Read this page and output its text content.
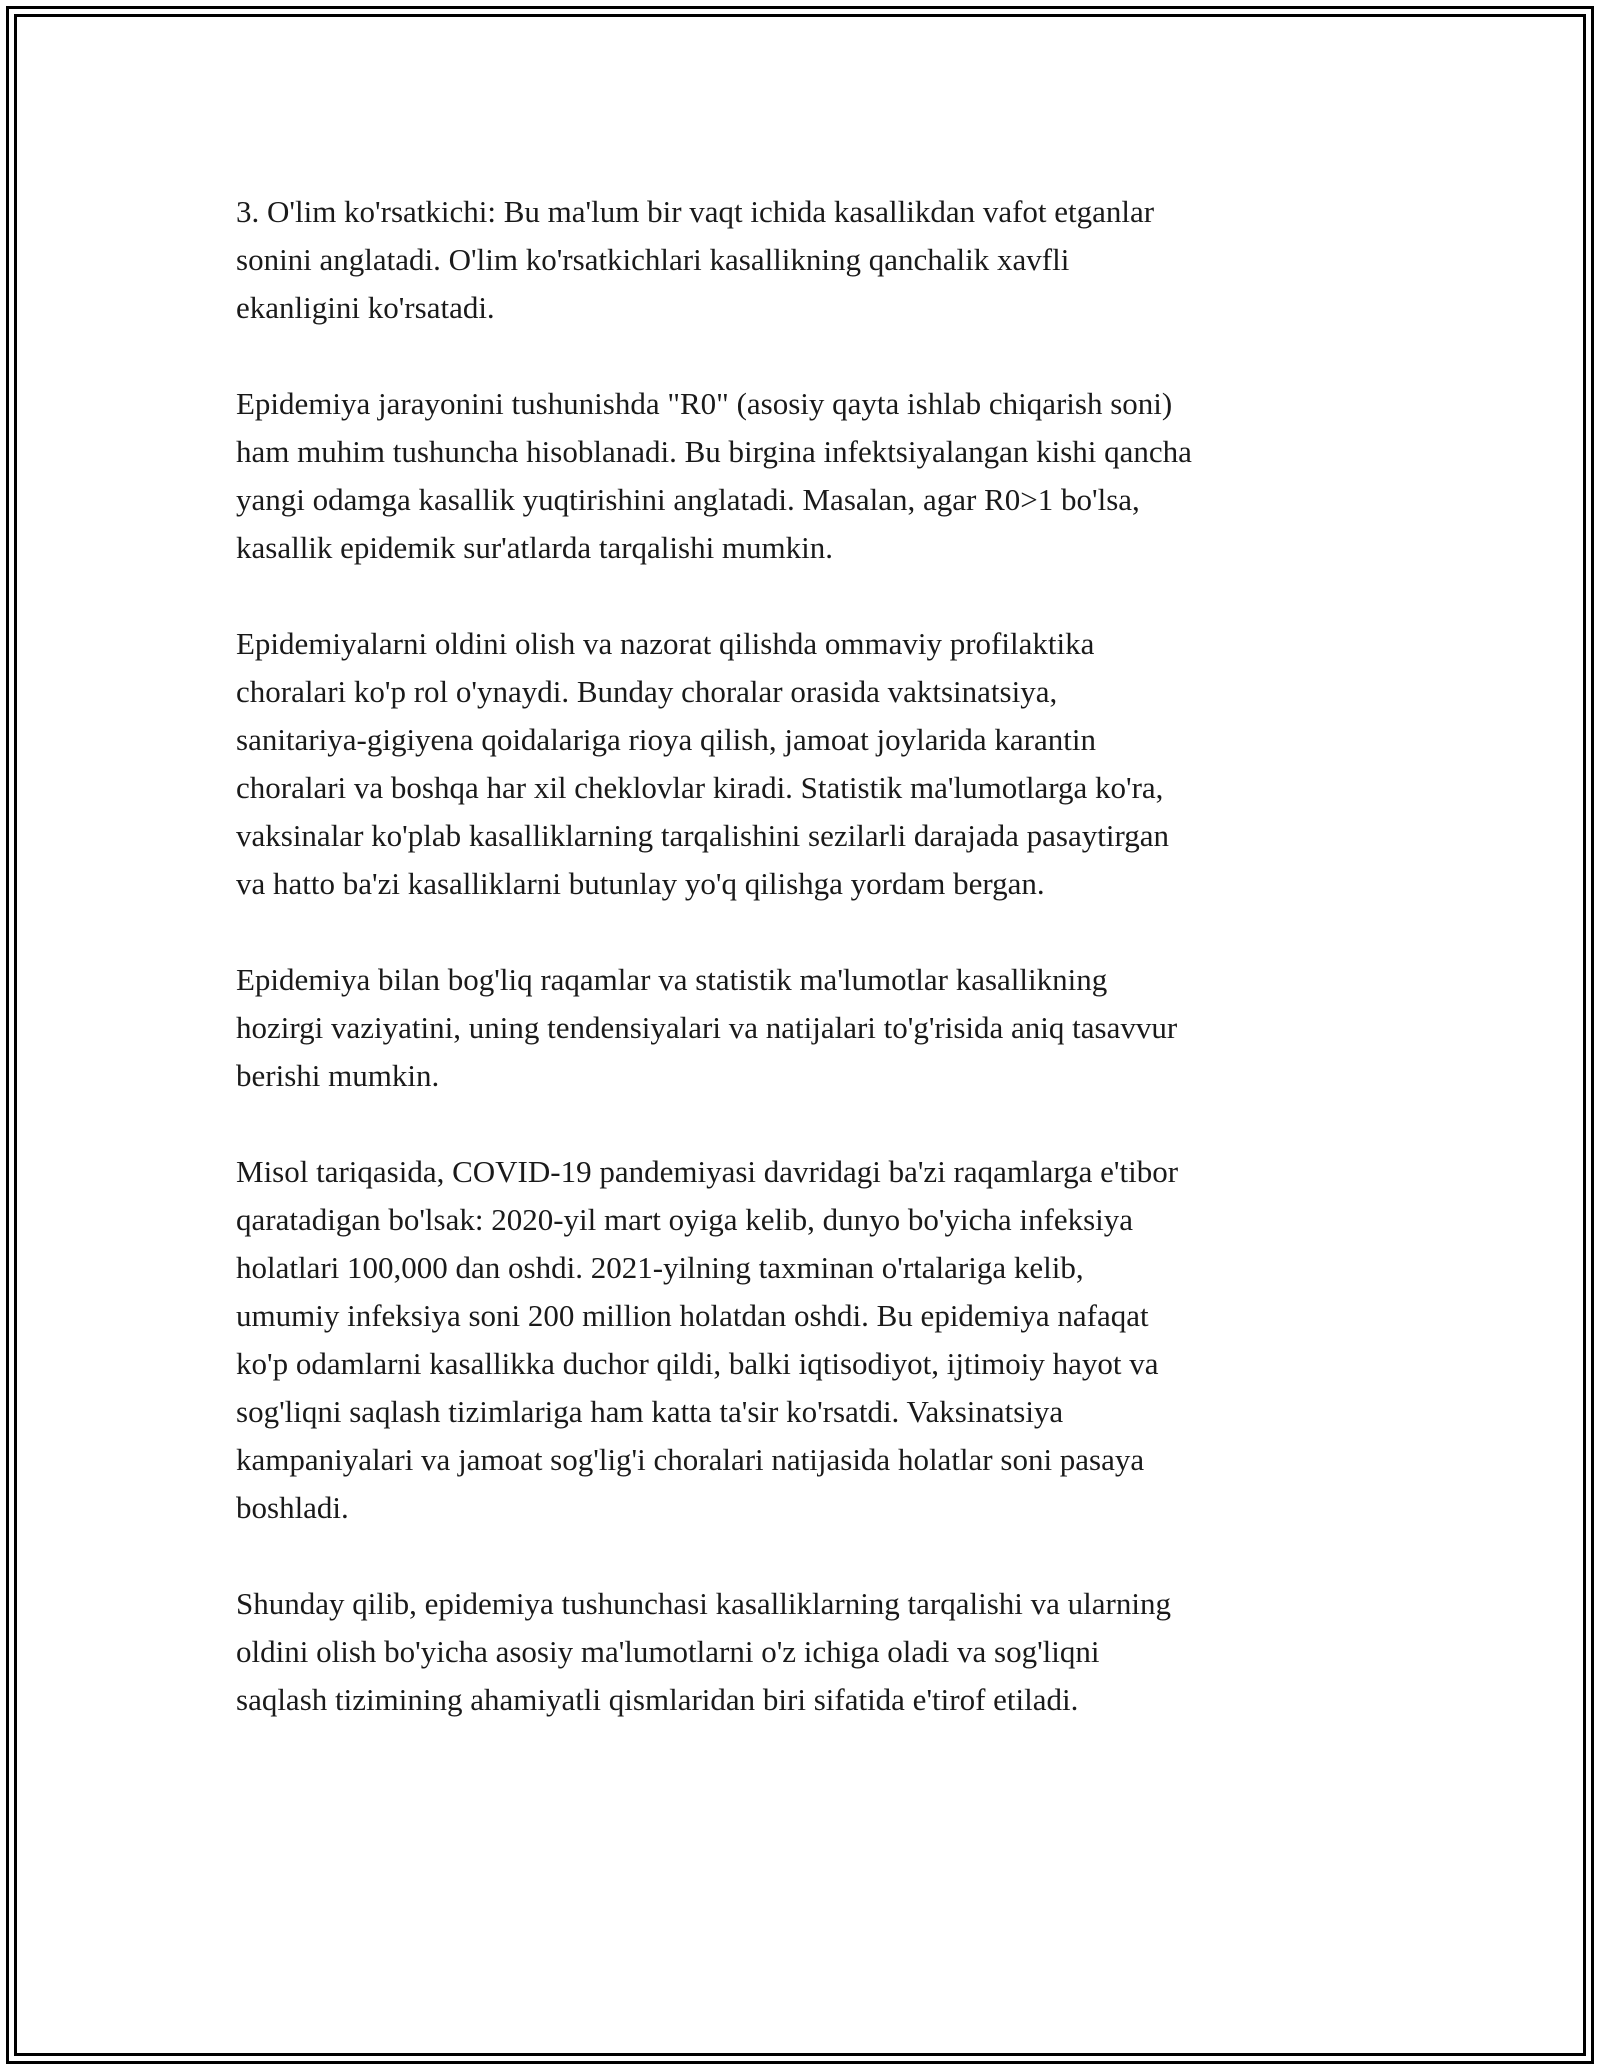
3. O'lim ko'rsatkichi: Bu ma'lum bir vaqt ichida kasallikdan vafot etganlar
sonini anglatadi. O'lim ko'rsatkichlari kasallikning qanchalik xavfli
ekanligini ko'rsatadi.

Epidemiya jarayonini tushunishda "R0" (asosiy qayta ishlab chiqarish soni)
ham muhim tushuncha hisoblanadi. Bu birgina infektsiyalangan kishi qancha
yangi odamga kasallik yuqtirishini anglatadi. Masalan, agar R0>1 bo'lsa,
kasallik epidemik sur'atlarda tarqalishi mumkin.

Epidemiyalarni oldini olish va nazorat qilishda ommaviy profilaktika
choralari ko'p rol o'ynaydi. Bunday choralar orasida vaktsinatsiya,
sanitariya-gigiyena qoidalariga rioya qilish, jamoat joylarida karantin
choralari va boshqa har xil cheklovlar kiradi. Statistik ma'lumotlarga ko'ra,
vaksinalar ko'plab kasalliklarning tarqalishini sezilarli darajada pasaytirgan
va hatto ba'zi kasalliklarni butunlay yo'q qilishga yordam bergan.

Epidemiya bilan bog'liq raqamlar va statistik ma'lumotlar kasallikning
hozirgi vaziyatini, uning tendensiyalari va natijalari to'g'risida aniq tasavvur
berishi mumkin.

Misol tariqasida, COVID-19 pandemiyasi davridagi ba'zi raqamlarga e'tibor
qaratadigan bo'lsak: 2020-yil mart oyiga kelib, dunyo bo'yicha infeksiya
holatlari 100,000 dan oshdi. 2021-yilning taxminan o'rtalariga kelib,
umumiy infeksiya soni 200 million holatdan oshdi. Bu epidemiya nafaqat
ko'p odamlarni kasallikka duchor qildi, balki iqtisodiyot, ijtimoiy hayot va
sog'liqni saqlash tizimlariga ham katta ta'sir ko'rsatdi. Vaksinatsiya
kampaniyalari va jamoat sog'lig'i choralari natijasida holatlar soni pasaya
boshladi.

Shunday qilib, epidemiya tushunchasi kasalliklarning tarqalishi va ularning
oldini olish bo'yicha asosiy ma'lumotlarni o'z ichiga oladi va sog'liqni
saqlash tizimining ahamiyatli qismlaridan biri sifatida e'tirof etiladi.
